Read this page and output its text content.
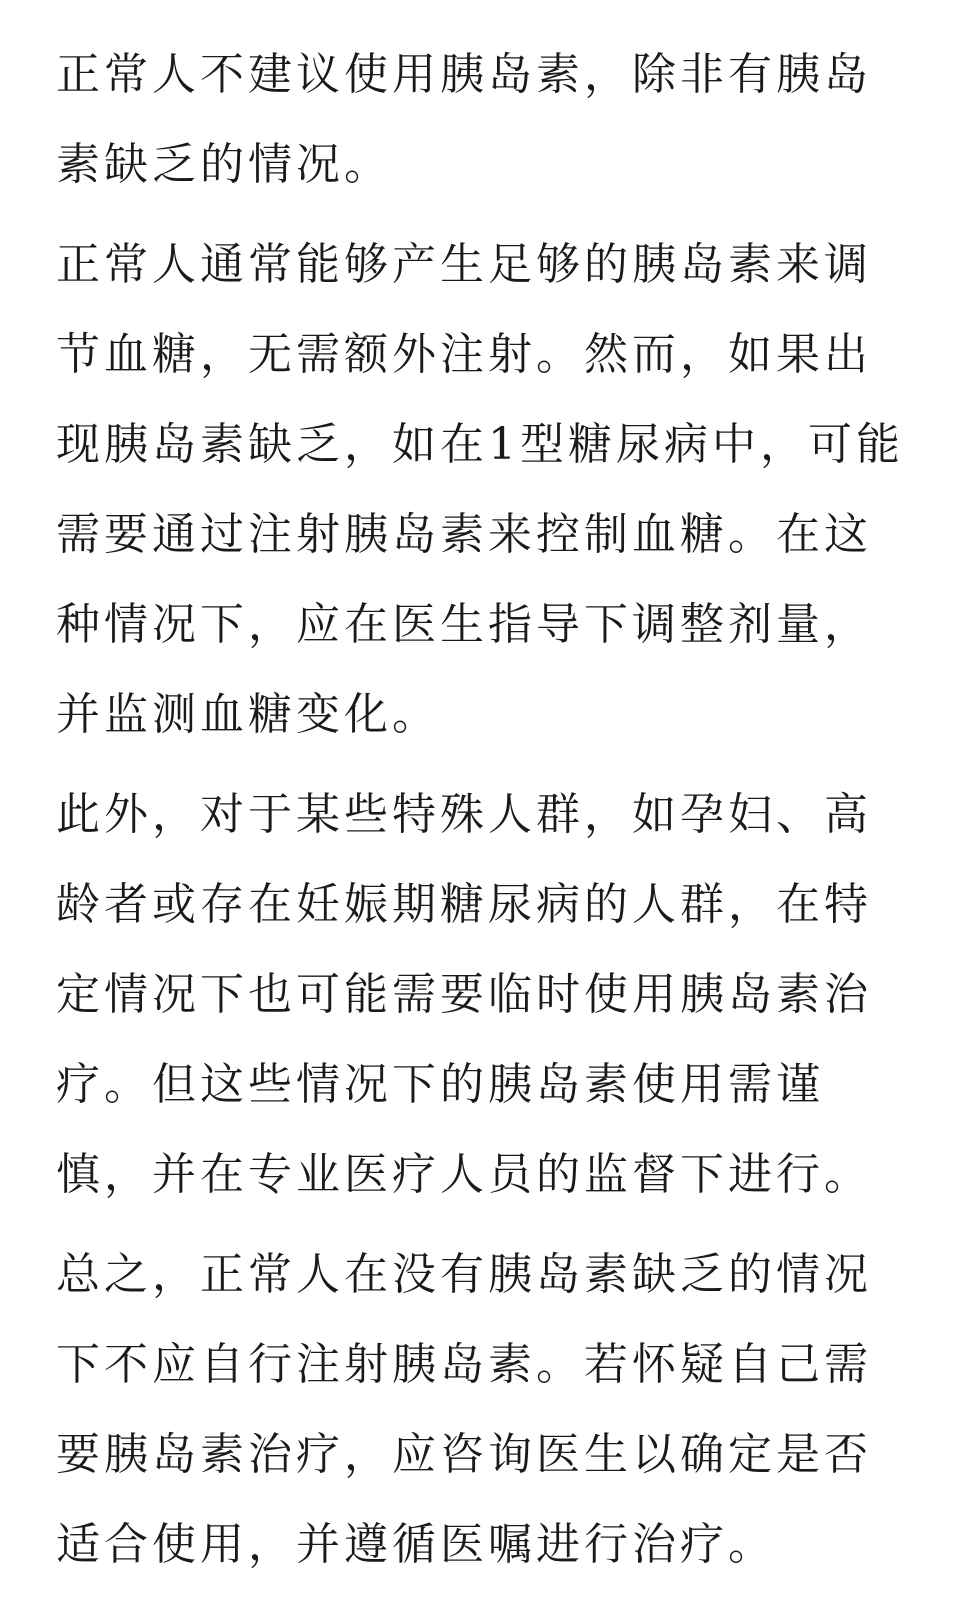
正常人不建议使用胰岛素，除非有胰岛素缺乏的情况。

正常人通常能够产生足够的胰岛素来调节血糖，无需额外注射。然而，如果出现胰岛素缺乏，如在1型糖尿病中，可能需要通过注射胰岛素来控制血糖。在这种情况下，应在医生指导下调整剂量，并监测血糖变化。

此外，对于某些特殊人群，如孕妇、高龄者或存在妊娠期糖尿病的人群，在特定情况下也可能需要临时使用胰岛素治疗。但这些情况下的胰岛素使用需谨慎，并在专业医疗人员的监督下进行。

总之，正常人在没有胰岛素缺乏的情况下不应自行注射胰岛素。若怀疑自己需要胰岛素治疗，应咨询医生以确定是否适合使用，并遵循医嘱进行治疗。
